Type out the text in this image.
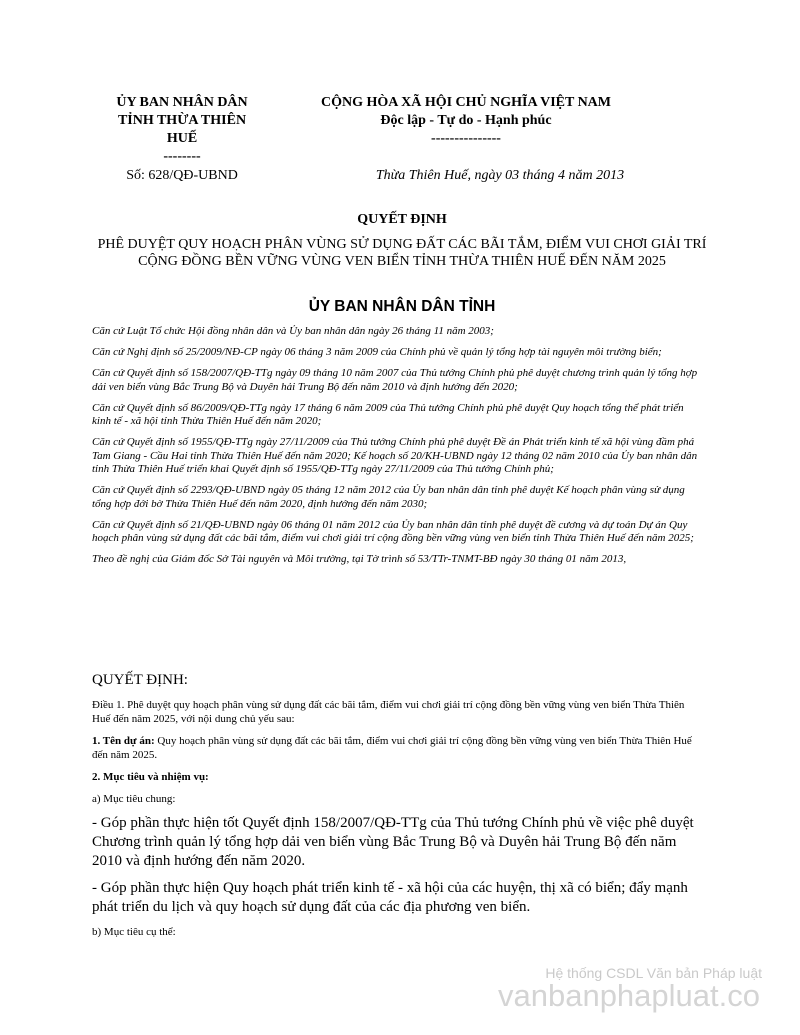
ỦY BAN NHÂN DÂN
TỈNH THỪA THIÊN
HUẾ
--------
CỘNG HÒA XÃ HỘI CHỦ NGHĨA VIỆT NAM
Độc lập - Tự do - Hạnh phúc
---------------
Số: 628/QĐ-UBND	Thừa Thiên Huế, ngày 03 tháng 4 năm 2013
QUYẾT ĐỊNH
PHÊ DUYỆT QUY HOẠCH PHÂN VÙNG SỬ DỤNG ĐẤT CÁC BÃI TẮM, ĐIỂM VUI CHƠI GIẢI TRÍ CỘNG ĐỒNG BỀN VỮNG VÙNG VEN BIỂN TỈNH THỪA THIÊN HUẾ ĐẾN NĂM 2025
ỦY BAN NHÂN DÂN TỈNH

Căn cứ Luật Tổ chức Hội đồng nhân dân và Ủy ban nhân dân ngày 26 tháng 11 năm 2003;

Căn cứ Nghị định số 25/2009/NĐ-CP ngày 06 tháng 3 năm 2009 của Chính phủ về quản lý tổng hợp tài nguyên môi trường biển;

Căn cứ Quyết định số 158/2007/QĐ-TTg ngày 09 tháng 10 năm 2007 của Thủ tướng Chính phủ phê duyệt chương trình quản lý tổng hợp dải ven biển vùng Bắc Trung Bộ và Duyên hải Trung Bộ đến năm 2010 và định hướng đến 2020;

Căn cứ Quyết định số 86/2009/QĐ-TTg ngày 17 tháng 6 năm 2009 của Thủ tướng Chính phủ phê duyệt Quy hoạch tổng thể phát triển kinh tế - xã hội tỉnh Thừa Thiên Huế đến năm 2020;

Căn cứ Quyết định số 1955/QĐ-TTg ngày 27/11/2009 của Thủ tướng Chính phủ phê duyệt Đề án Phát triển kinh tế xã hội vùng đầm phá Tam Giang - Cầu Hai tỉnh Thừa Thiên Huế đến năm 2020; Kế hoạch số 20/KH-UBND ngày 12 tháng 02 năm 2010 của Ủy ban nhân dân tỉnh Thừa Thiên Huế triển khai Quyết định số 1955/QĐ-TTg ngày 27/11/2009 của Thủ tướng Chính phủ;

Căn cứ Quyết định số 2293/QĐ-UBND ngày 05 tháng 12 năm 2012 của Ủy ban nhân dân tỉnh phê duyệt Kế hoạch phân vùng sử dụng tổng hợp đới bờ Thừa Thiên Huế đến năm 2020, định hướng đến năm 2030;

Căn cứ Quyết định số 21/QĐ-UBND ngày 06 tháng 01 năm 2012 của Ủy ban nhân dân tỉnh phê duyệt đề cương và dự toán Dự án Quy hoạch phân vùng sử dụng đất các bãi tắm, điểm vui chơi giải trí cộng đồng bền vững vùng ven biển tỉnh Thừa Thiên Huế đến năm 2025;

Theo đề nghị của Giám đốc Sở Tài nguyên và Môi trường, tại Tờ trình số 53/TTr-TNMT-BĐ ngày 30 tháng 01 năm 2013,

QUYẾT ĐỊNH:

Điều 1. Phê duyệt quy hoạch phân vùng sử dụng đất các bãi tắm, điểm vui chơi giải trí cộng đồng bền vững vùng ven biển Thừa Thiên Huế đến năm 2025, với nội dung chủ yếu sau:

1. Tên dự án: Quy hoạch phân vùng sử dụng đất các bãi tắm, điểm vui chơi giải trí cộng đồng bền vững vùng ven biển Thừa Thiên Huế đến năm 2025.

2. Mục tiêu và nhiệm vụ:

a) Mục tiêu chung:

- Góp phần thực hiện tốt Quyết định 158/2007/QĐ-TTg của Thủ tướng Chính phủ về việc phê duyệt Chương trình quản lý tổng hợp dải ven biển vùng Bắc Trung Bộ và Duyên hải Trung Bộ đến năm 2010 và định hướng đến năm 2020.

- Góp phần thực hiện Quy hoạch phát triển kinh tế - xã hội của các huyện, thị xã có biển; đẩy mạnh phát triển du lịch và quy hoạch sử dụng đất của các địa phương ven biển.

b) Mục tiêu cụ thể:

Hệ thống CSDL Văn bản Pháp luật
vanbanphapluat.co
